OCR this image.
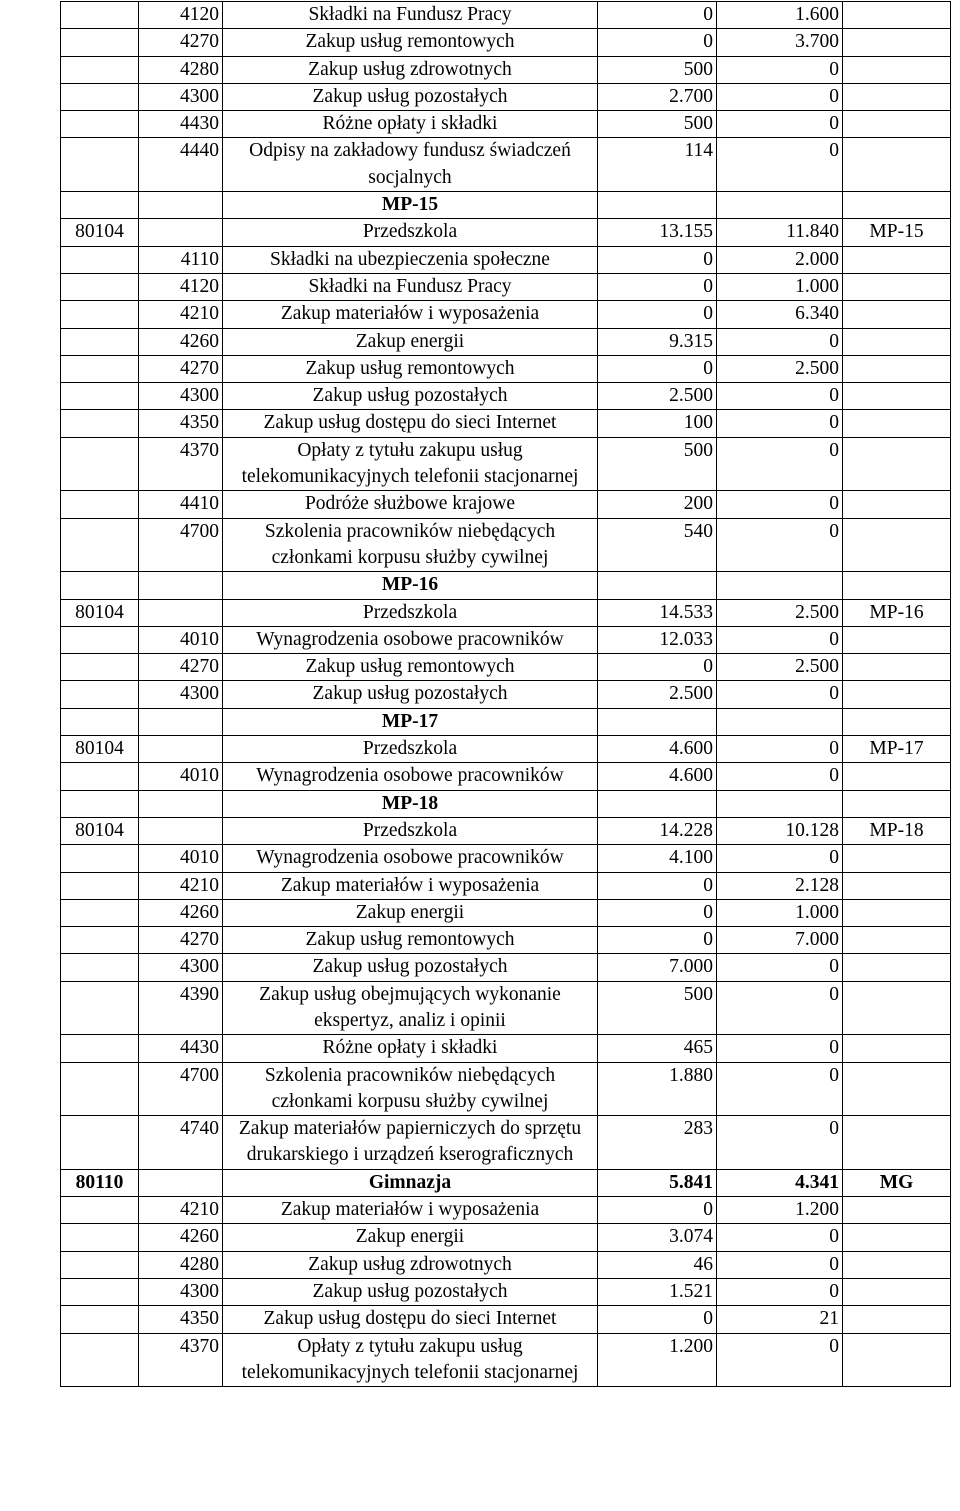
	4120	Składki na Fundusz Pracy	0	1.600	
	4270	Zakup usług remontowych	0	3.700	
	4280	Zakup usług zdrowotnych	500	0	
	4300	Zakup usług pozostałych	2.700	0	
	4430	Różne opłaty i składki	500	0	
	4440	Odpisy na zakładowy fundusz świadczeń socjalnych	114	0	
		MP-15			
80104		Przedszkola	13.155	11.840	MP-15
	4110	Składki na ubezpieczenia społeczne	0	2.000	
	4120	Składki na Fundusz Pracy	0	1.000	
	4210	Zakup materiałów i wyposażenia	0	6.340	
	4260	Zakup energii	9.315	0	
	4270	Zakup usług remontowych	0	2.500	
	4300	Zakup usług pozostałych	2.500	0	
	4350	Zakup usług dostępu do sieci Internet	100	0	
	4370	Opłaty z tytułu zakupu usług telekomunikacyjnych telefonii stacjonarnej	500	0	
	4410	Podróże służbowe krajowe	200	0	
	4700	Szkolenia pracowników niebędących członkami korpusu służby cywilnej	540	0	
		MP-16			
80104		Przedszkola	14.533	2.500	MP-16
	4010	Wynagrodzenia osobowe pracowników	12.033	0	
	4270	Zakup usług remontowych	0	2.500	
	4300	Zakup usług pozostałych	2.500	0	
		MP-17			
80104		Przedszkola	4.600	0	MP-17
	4010	Wynagrodzenia osobowe pracowników	4.600	0	
		MP-18			
80104		Przedszkola	14.228	10.128	MP-18
	4010	Wynagrodzenia osobowe pracowników	4.100	0	
	4210	Zakup materiałów i wyposażenia	0	2.128	
	4260	Zakup energii	0	1.000	
	4270	Zakup usług remontowych	0	7.000	
	4300	Zakup usług pozostałych	7.000	0	
	4390	Zakup usług obejmujących wykonanie ekspertyz, analiz i opinii	500	0	
	4430	Różne opłaty i składki	465	0	
	4700	Szkolenia pracowników niebędących członkami korpusu służby cywilnej	1.880	0	
	4740	Zakup materiałów papierniczych do sprzętu drukarskiego i urządzeń kserograficznych	283	0	
80110		Gimnazja	5.841	4.341	MG
	4210	Zakup materiałów i wyposażenia	0	1.200	
	4260	Zakup energii	3.074	0	
	4280	Zakup usług zdrowotnych	46	0	
	4300	Zakup usług pozostałych	1.521	0	
	4350	Zakup usług dostępu do sieci Internet	0	21	
	4370	Opłaty z tytułu zakupu usług telekomunikacyjnych telefonii stacjonarnej	1.200	0	
